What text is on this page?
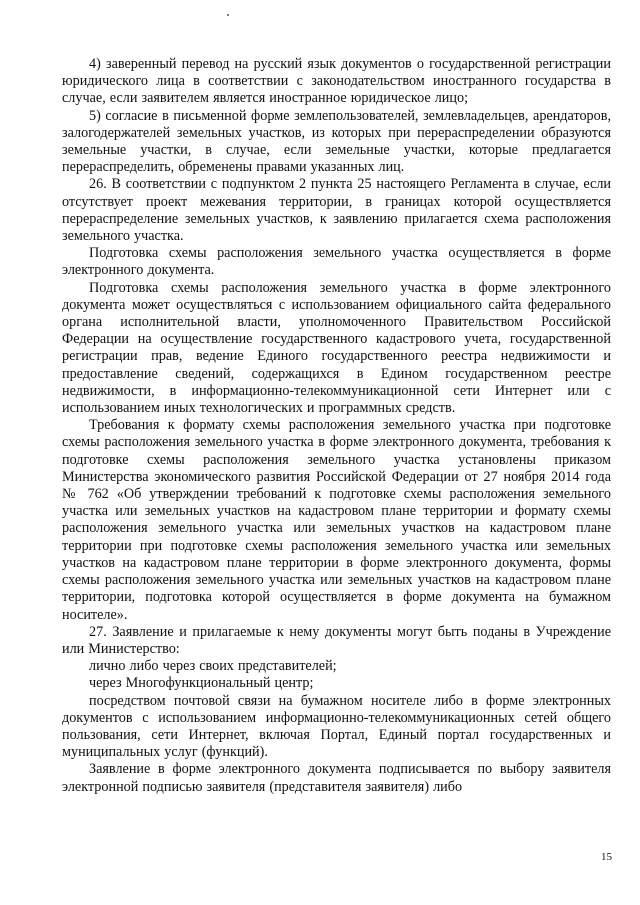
4) заверенный перевод на русский язык документов о государственной регистрации юридического лица в соответствии с законодательством иностранного государства в случае, если заявителем является иностранное юридическое лицо;

5) согласие в письменной форме землепользователей, землевладельцев, арендаторов, залогодержателей земельных участков, из которых при перераспределении образуются земельные участки, в случае, если земельные участки, которые предлагается перераспределить, обременены правами указанных лиц.

26. В соответствии с подпунктом 2 пункта 25 настоящего Регламента в случае, если отсутствует проект межевания территории, в границах которой осуществляется перераспределение земельных участков, к заявлению прилагается схема расположения земельного участка.

Подготовка схемы расположения земельного участка осуществляется в форме электронного документа.

Подготовка схемы расположения земельного участка в форме электронного документа может осуществляться с использованием официального сайта федерального органа исполнительной власти, уполномоченного Правительством Российской Федерации на осуществление государственного кадастрового учета, государственной регистрации прав, ведение Единого государственного реестра недвижимости и предоставление сведений, содержащихся в Едином государственном реестре недвижимости, в информационно-телекоммуникационной сети Интернет или с использованием иных технологических и программных средств.

Требования к формату схемы расположения земельного участка при подготовке схемы расположения земельного участка в форме электронного документа, требования к подготовке схемы расположения земельного участка установлены приказом Министерства экономического развития Российской Федерации от 27 ноября 2014 года № 762 «Об утверждении требований к подготовке схемы расположения земельного участка или земельных участков на кадастровом плане территории и формату схемы расположения земельного участка или земельных участков на кадастровом плане территории при подготовке схемы расположения земельного участка или земельных участков на кадастровом плане территории в форме электронного документа, формы схемы расположения земельного участка или земельных участков на кадастровом плане территории, подготовка которой осуществляется в форме документа на бумажном носителе».

27. Заявление и прилагаемые к нему документы могут быть поданы в Учреждение или Министерство:

лично либо через своих представителей;

через Многофункциональный центр;

посредством почтовой связи на бумажном носителе либо в форме электронных документов с использованием информационно-телекоммуникационных сетей общего пользования, сети Интернет, включая Портал, Единый портал государственных и муниципальных услуг (функций).

Заявление в форме электронного документа подписывается по выбору заявителя электронной подписью заявителя (представителя заявителя) либо

15
